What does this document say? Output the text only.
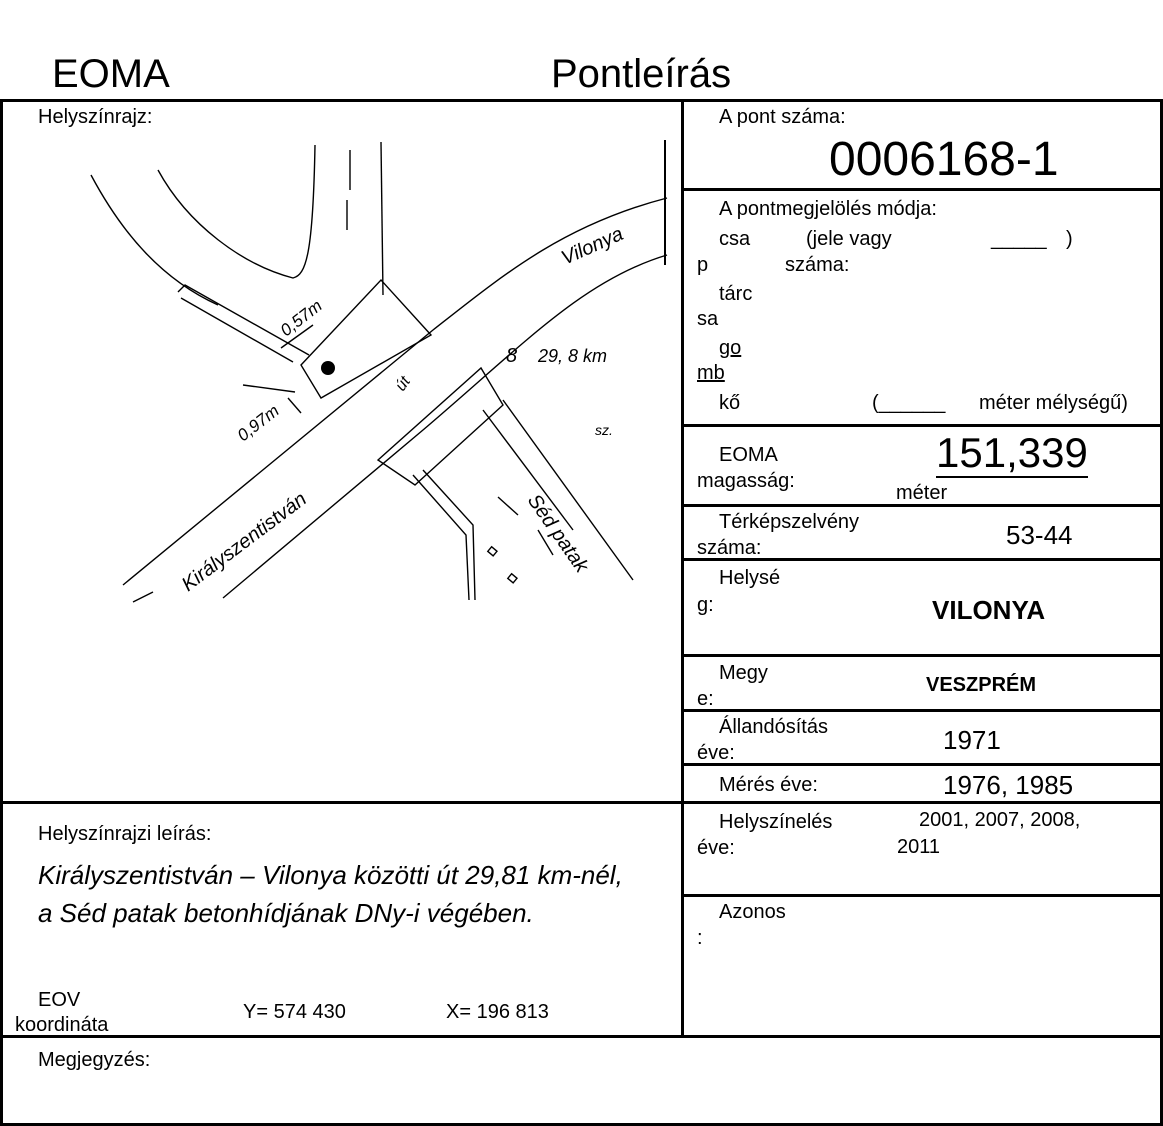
EOMA	Pontleírás
Helyszínrajz:
Vilonya
8 29, 8 km
0,57m
0,97m
út
Királyszentistván	Séd patak
sz.
A pont száma:
0006168-1
A pontmegjelölés módja:
csa	(jele vagy	_____ )
p	száma:
tárc
sa
go
mb
kő	(______ méter mélységű)
EOMA
magasság:
151,339
méter
Térképszelvény
száma:	53-44
Helysé
g:	VILONYA
Megy
e:
VESZPRÉM
Állandósítás
éve:	1971
Mérés éve:	1976, 1985
Helyszínelés
éve:
2001, 2007, 2008,
2011
Azonos
:
Helyszínrajzi leírás:
Királyszentistván – Vilonya közötti út 29,81 km-nél,
a Séd patak betonhídjának DNy-i végében.
EOV
koordináta
Y= 574 430	X= 196 813
Megjegyzés:
